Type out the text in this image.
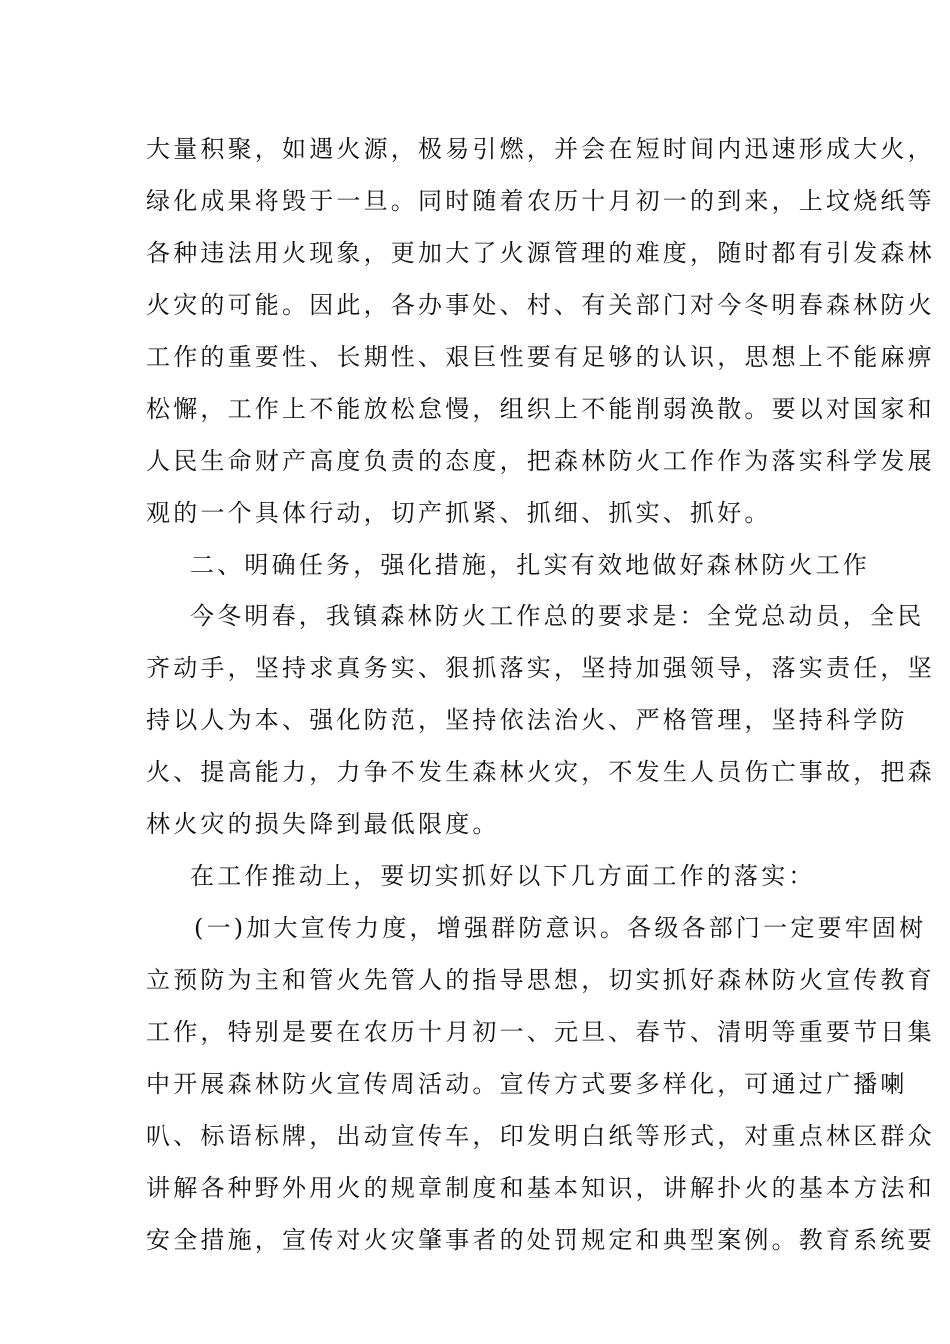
大量积聚，如遇火源，极易引燃，并会在短时间内迅速形成大火，
绿化成果将毁于一旦。同时随着农历十月初一的到来，上坟烧纸等
各种违法用火现象，更加大了火源管理的难度，随时都有引发森林
火灾的可能。因此，各办事处、村、有关部门对今冬明春森林防火
工作的重要性、长期性、艰巨性要有足够的认识，思想上不能麻痹
松懈，工作上不能放松怠慢，组织上不能削弱涣散。要以对国家和
人民生命财产高度负责的态度，把森林防火工作作为落实科学发展
观的一个具体行动，切产抓紧、抓细、抓实、抓好。
二、明确任务，强化措施，扎实有效地做好森林防火工作
今冬明春，我镇森林防火工作总的要求是：全党总动员，全民
齐动手，坚持求真务实、狠抓落实，坚持加强领导，落实责任，坚
持以人为本、强化防范，坚持依法治火、严格管理，坚持科学防
火、提高能力，力争不发生森林火灾，不发生人员伤亡事故，把森
林火灾的损失降到最低限度。
在工作推动上，要切实抓好以下几方面工作的落实：
(一)加大宣传力度，增强群防意识。各级各部门一定要牢固树
立预防为主和管火先管人的指导思想，切实抓好森林防火宣传教育
工作，特别是要在农历十月初一、元旦、春节、清明等重要节日集
中开展森林防火宣传周活动。宣传方式要多样化，可通过广播喇
叭、标语标牌，出动宣传车，印发明白纸等形式，对重点林区群众
讲解各种野外用火的规章制度和基本知识，讲解扑火的基本方法和
安全措施，宣传对火灾肇事者的处罚规定和典型案例。教育系统要
